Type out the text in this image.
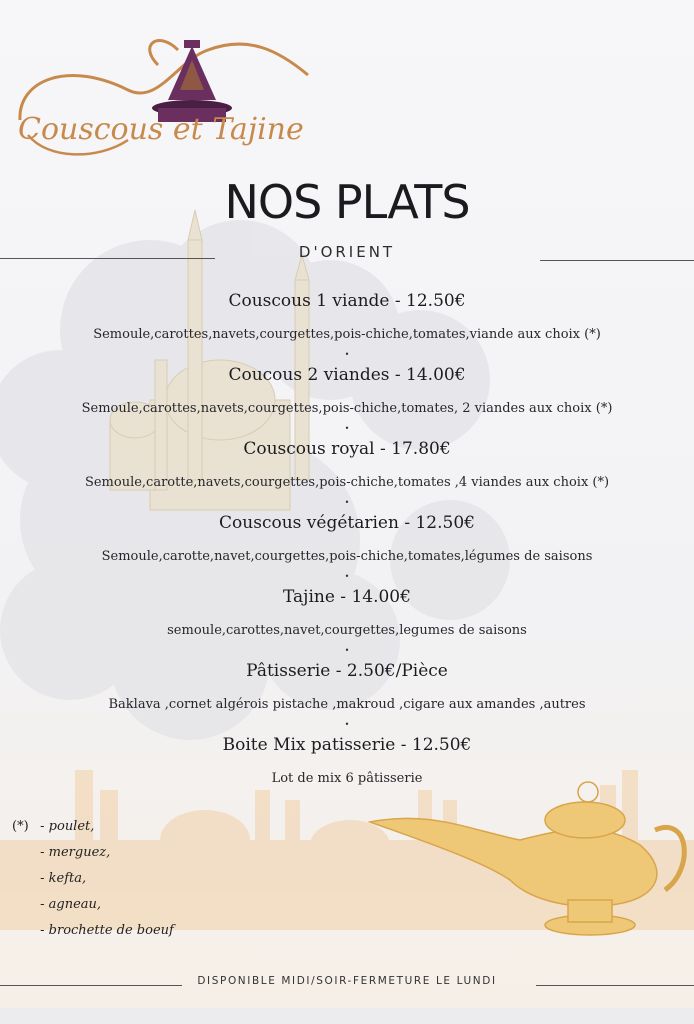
Couscous et Tajine
NOS PLATS
D'ORIENT
Couscous 1 viande - 12.50€
Semoule,carottes,navets,courgettes,pois-chiche,tomates,viande aux choix (*)
•
Coucous 2 viandes - 14.00€
Semoule,carottes,navets,courgettes,pois-chiche,tomates, 2 viandes aux choix (*)
•
Couscous royal - 17.80€
Semoule,carotte,navets,courgettes,pois-chiche,tomates ,4 viandes aux choix (*)
•
Couscous végétarien - 12.50€
Semoule,carotte,navet,courgettes,pois-chiche,tomates,légumes de saisons
•
Tajine - 14.00€
semoule,carottes,navet,courgettes,legumes de saisons
•
Pâtisserie - 2.50€/Pièce
Baklava ,cornet algérois pistache ,makroud ,cigare aux amandes ,autres
•
Boite Mix patisserie - 12.50€
Lot de mix 6 pâtisserie
(*) - poulet,
- merguez,
- kefta,
- agneau,
- brochette de boeuf
DISPONIBLE MIDI/SOIR-FERMETURE LE LUNDI
